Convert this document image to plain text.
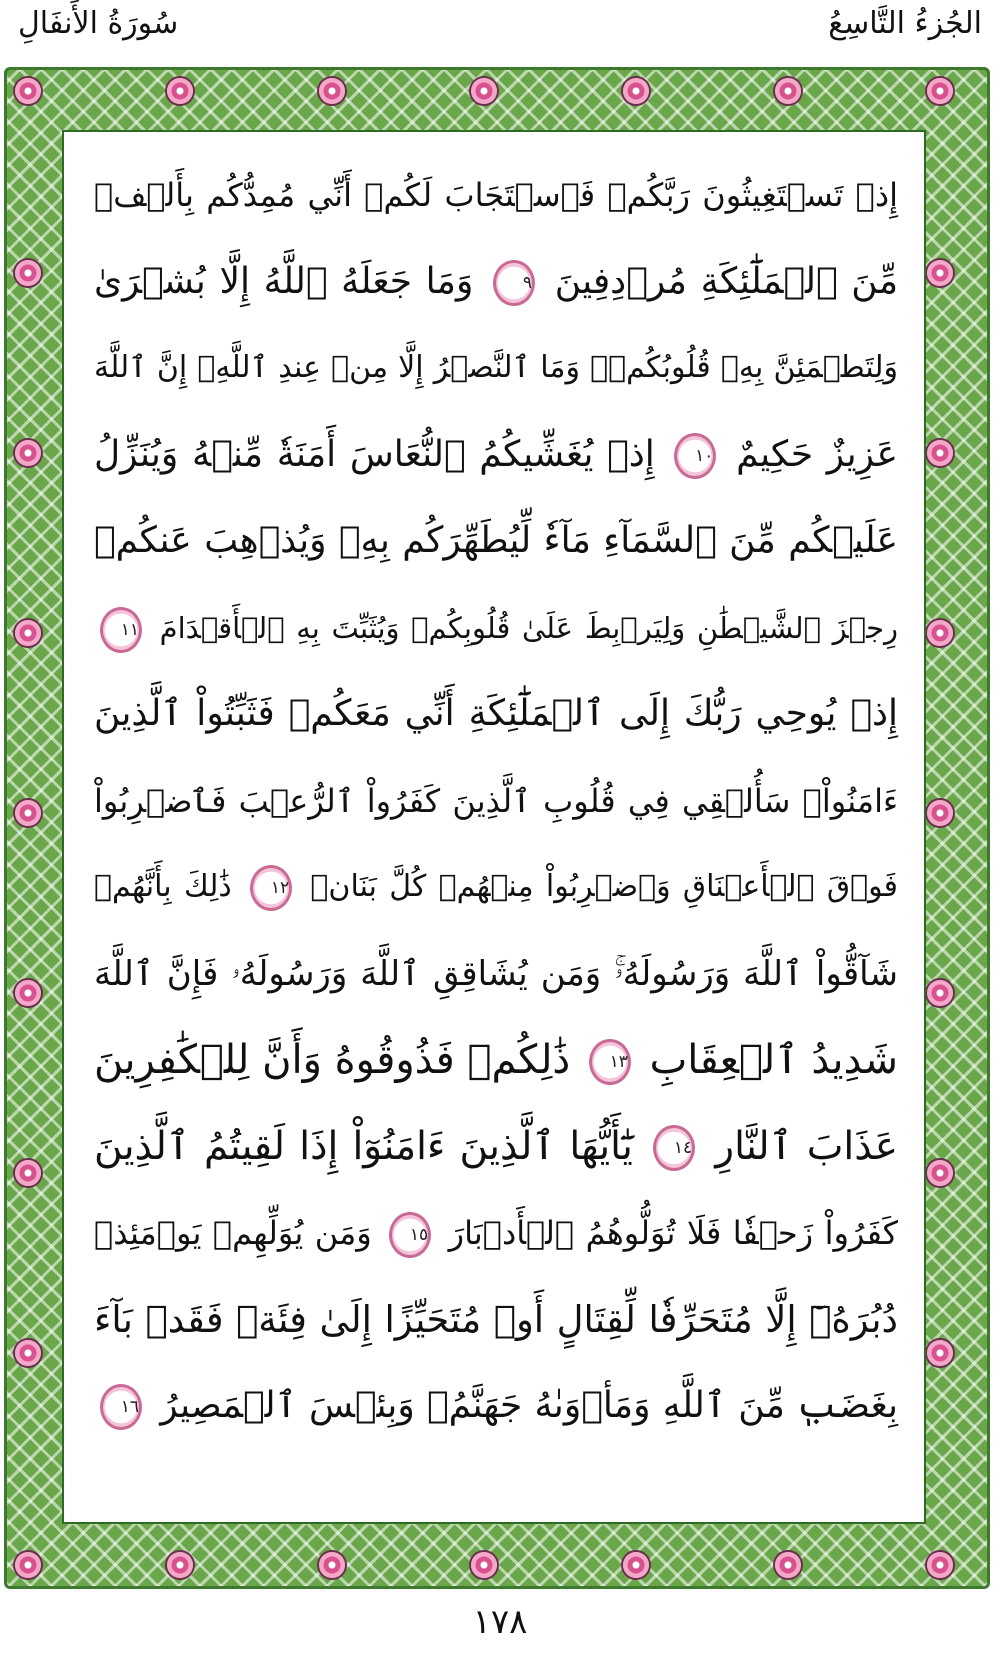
الجُزءُ التَّاسِعُ
سُورَةُ الأَنفَالِ
إِذۡ تَسۡتَغِيثُونَ رَبَّكُمۡ فَٱسۡتَجَابَ لَكُمۡ أَنِّي مُمِدُّكُم بِأَلۡفٖ
مِّنَ ٱلۡمَلَٰٓئِكَةِ مُرۡدِفِينَ ٩ وَمَا جَعَلَهُ ٱللَّهُ إِلَّا بُشۡرَىٰ
وَلِتَطۡمَئِنَّ بِهِۦ قُلُوبُكُمۡۚ وَمَا ٱلنَّصۡرُ إِلَّا مِنۡ عِندِ ٱللَّهِۚ إِنَّ ٱللَّهَ
عَزِيزٌ حَكِيمٌ ١٠ إِذۡ يُغَشِّيكُمُ ٱلنُّعَاسَ أَمَنَةٗ مِّنۡهُ وَيُنَزِّلُ
عَلَيۡكُم مِّنَ ٱلسَّمَآءِ مَآءٗ لِّيُطَهِّرَكُم بِهِۦ وَيُذۡهِبَ عَنكُمۡ
رِجۡزَ ٱلشَّيۡطَٰنِ وَلِيَرۡبِطَ عَلَىٰ قُلُوبِكُمۡ وَيُثَبِّتَ بِهِ ٱلۡأَقۡدَامَ ١١
إِذۡ يُوحِي رَبُّكَ إِلَى ٱلۡمَلَٰٓئِكَةِ أَنِّي مَعَكُمۡ فَثَبِّتُواْ ٱلَّذِينَ
ءَامَنُواْۚ سَأُلۡقِي فِي قُلُوبِ ٱلَّذِينَ كَفَرُواْ ٱلرُّعۡبَ فَٱضۡرِبُواْ
فَوۡقَ ٱلۡأَعۡنَاقِ وَٱضۡرِبُواْ مِنۡهُمۡ كُلَّ بَنَانٖ ١٢ ذَٰلِكَ بِأَنَّهُمۡ
شَآقُّواْ ٱللَّهَ وَرَسُولَهُۥۚ وَمَن يُشَاقِقِ ٱللَّهَ وَرَسُولَهُۥ فَإِنَّ ٱللَّهَ
شَدِيدُ ٱلۡعِقَابِ ١٣ ذَٰلِكُمۡ فَذُوقُوهُ وَأَنَّ لِلۡكَٰفِرِينَ
عَذَابَ ٱلنَّارِ ١٤ يَٰٓأَيُّهَا ٱلَّذِينَ ءَامَنُوٓاْ إِذَا لَقِيتُمُ ٱلَّذِينَ
كَفَرُواْ زَحۡفٗا فَلَا تُوَلُّوهُمُ ٱلۡأَدۡبَارَ ١٥ وَمَن يُوَلِّهِمۡ يَوۡمَئِذٖ
دُبُرَهُۥٓ إِلَّا مُتَحَرِّفٗا لِّقِتَالٍ أَوۡ مُتَحَيِّزًا إِلَىٰ فِئَةٖ فَقَدۡ بَآءَ
بِغَضَبٖ مِّنَ ٱللَّهِ وَمَأۡوَىٰهُ جَهَنَّمُۖ وَبِئۡسَ ٱلۡمَصِيرُ ١٦
١٧٨
